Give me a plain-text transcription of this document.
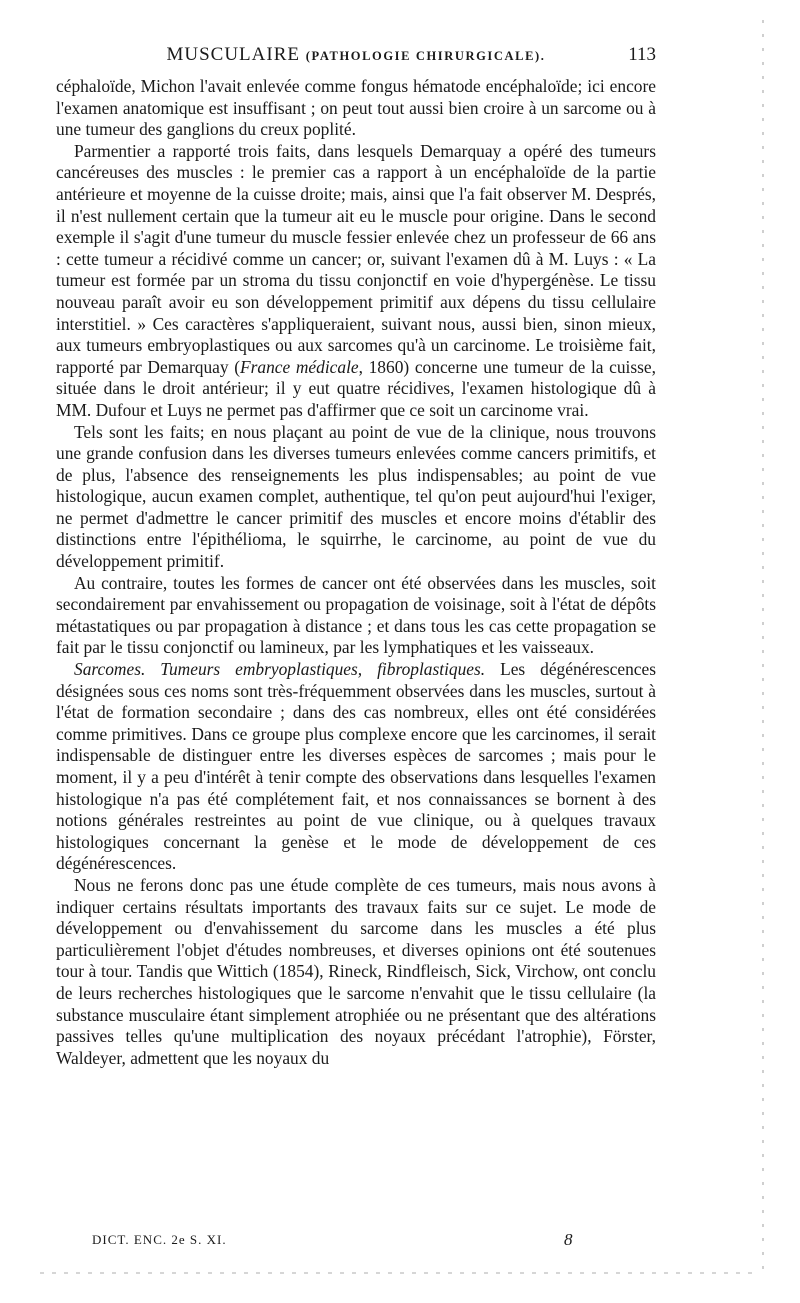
MUSCULAIRE (PATHOLOGIE CHIRURGICALE).	113

céphaloïde, Michon l'avait enlevée comme fongus hématode encéphaloïde; ici encore l'examen anatomique est insuffisant ; on peut tout aussi bien croire à un sarcome ou à une tumeur des ganglions du creux poplité.

Parmentier a rapporté trois faits, dans lesquels Demarquay a opéré des tumeurs cancéreuses des muscles : le premier cas a rapport à un encéphaloïde de la partie antérieure et moyenne de la cuisse droite; mais, ainsi que l'a fait observer M. Després, il n'est nullement certain que la tumeur ait eu le muscle pour origine. Dans le second exemple il s'agit d'une tumeur du muscle fessier enlevée chez un professeur de 66 ans : cette tumeur a récidivé comme un cancer; or, suivant l'examen dû à M. Luys : « La tumeur est formée par un stroma du tissu conjonctif en voie d'hypergénèse. Le tissu nouveau paraît avoir eu son développement primitif aux dépens du tissu cellulaire interstitiel. » Ces caractères s'appliqueraient, suivant nous, aussi bien, sinon mieux, aux tumeurs embryoplastiques ou aux sarcomes qu'à un carcinome. Le troisième fait, rapporté par Demarquay (France médicale, 1860) concerne une tumeur de la cuisse, située dans le droit antérieur; il y eut quatre récidives, l'examen histologique dû à MM. Dufour et Luys ne permet pas d'affirmer que ce soit un carcinome vrai.

Tels sont les faits; en nous plaçant au point de vue de la clinique, nous trouvons une grande confusion dans les diverses tumeurs enlevées comme cancers primitifs, et de plus, l'absence des renseignements les plus indispensables; au point de vue histologique, aucun examen complet, authentique, tel qu'on peut aujourd'hui l'exiger, ne permet d'admettre le cancer primitif des muscles et encore moins d'établir des distinctions entre l'épithélioma, le squirrhe, le carcinome, au point de vue du développement primitif.

Au contraire, toutes les formes de cancer ont été observées dans les muscles, soit secondairement par envahissement ou propagation de voisinage, soit à l'état de dépôts métastatiques ou par propagation à distance ; et dans tous les cas cette propagation se fait par le tissu conjonctif ou lamineux, par les lymphatiques et les vaisseaux.

Sarcomes. Tumeurs embryoplastiques, fibroplastiques. Les dégénérescences désignées sous ces noms sont très-fréquemment observées dans les muscles, surtout à l'état de formation secondaire ; dans des cas nombreux, elles ont été considérées comme primitives. Dans ce groupe plus complexe encore que les carcinomes, il serait indispensable de distinguer entre les diverses espèces de sarcomes ; mais pour le moment, il y a peu d'intérêt à tenir compte des observations dans lesquelles l'examen histologique n'a pas été complétement fait, et nos connaissances se bornent à des notions générales restreintes au point de vue clinique, ou à quelques travaux histologiques concernant la genèse et le mode de développement de ces dégénérescences.

Nous ne ferons donc pas une étude complète de ces tumeurs, mais nous avons à indiquer certains résultats importants des travaux faits sur ce sujet. Le mode de développement ou d'envahissement du sarcome dans les muscles a été plus particulièrement l'objet d'études nombreuses, et diverses opinions ont été soutenues tour à tour. Tandis que Wittich (1854), Rineck, Rindfleisch, Sick, Virchow, ont conclu de leurs recherches histologiques que le sarcome n'envahit que le tissu cellulaire (la substance musculaire étant simplement atrophiée ou ne présentant que des altérations passives telles qu'une multiplication des noyaux précédant l'atrophie), Förster, Waldeyer, admettent que les noyaux du

DICT. ENC. 2e S. XI.	8
